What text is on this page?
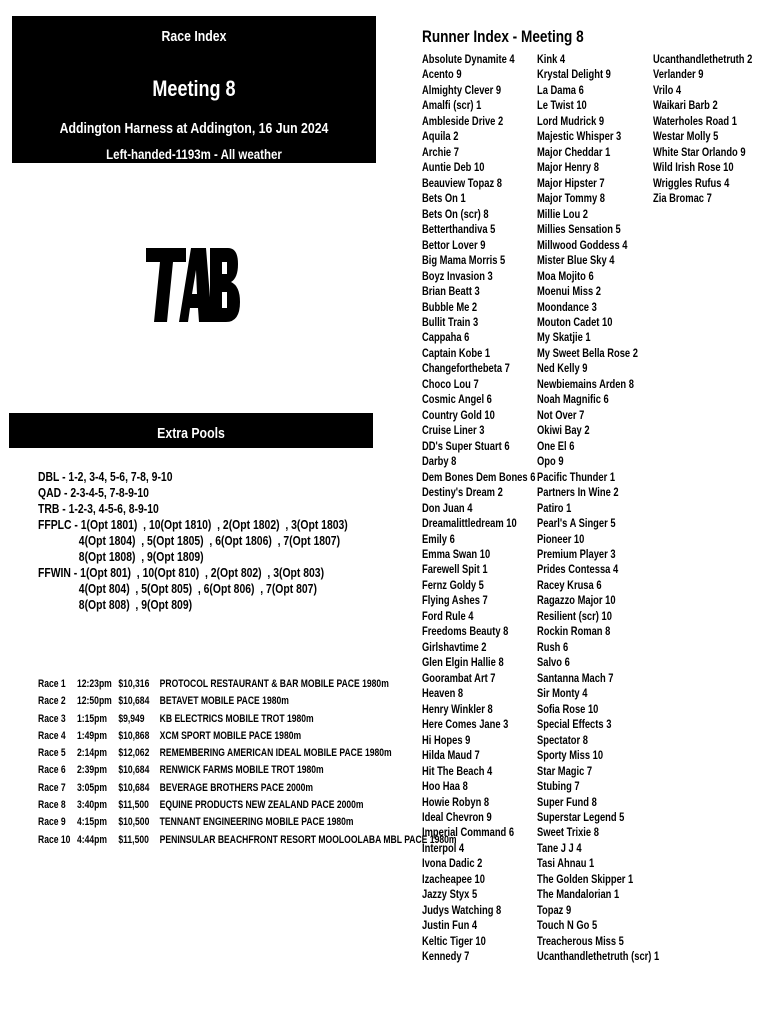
Race Index
Meeting 8
Addington Harness at Addington, 16 Jun 2024
Left-handed-1193m - All weather
Extra Pools
DBL - 1-2, 3-4, 5-6, 7-8, 9-10
QAD - 2-3-4-5, 7-8-9-10
TRB - 1-2-3, 4-5-6, 8-9-10
FFPLC - 1(Opt 1801)  , 10(Opt 1810)  , 2(Opt 1802)  , 3(Opt 1803)
4(Opt 1804)  , 5(Opt 1805)  , 6(Opt 1806)  , 7(Opt 1807)
8(Opt 1808)  , 9(Opt 1809)
FFWIN - 1(Opt 801)  , 10(Opt 810)  , 2(Opt 802)  , 3(Opt 803)
4(Opt 804)  , 5(Opt 805)  , 6(Opt 806)  , 7(Opt 807)
8(Opt 808)  , 9(Opt 809)
Race 1 12:23pm $10,316 PROTOCOL RESTAURANT & BAR MOBILE PACE 1980m
Race 2 12:50pm $10,684 BETAVET MOBILE PACE 1980m
Race 3 1:15pm $9,949 KB ELECTRICS MOBILE TROT 1980m
Race 4 1:49pm $10,868 XCM SPORT MOBILE PACE 1980m
Race 5 2:14pm $12,062 REMEMBERING AMERICAN IDEAL MOBILE PACE 1980m
Race 6 2:39pm $10,684 RENWICK FARMS MOBILE TROT 1980m
Race 7 3:05pm $10,684 BEVERAGE BROTHERS PACE 2000m
Race 8 3:40pm $11,500 EQUINE PRODUCTS NEW ZEALAND PACE 2000m
Race 9 4:15pm $10,500 TENNANT ENGINEERING MOBILE PACE 1980m
Race 10 4:44pm $11,500 PENINSULAR BEACHFRONT RESORT MOOLOOLABA MBL PACE 1980m
Runner Index - Meeting 8
Absolute Dynamite 4
Acento 9
Almighty Clever 9
Amalfi (scr) 1
Ambleside Drive 2
Aquila 2
Archie 7
Auntie Deb 10
Beauview Topaz 8
Bets On 1
Bets On (scr) 8
Betterthandiva 5
Bettor Lover 9
Big Mama Morris 5
Boyz Invasion 3
Brian Beatt 3
Bubble Me 2
Bullit Train 3
Cappaha 6
Captain Kobe 1
Changeforthebeta 7
Choco Lou 7
Cosmic Angel 6
Country Gold 10
Cruise Liner 3
DD's Super Stuart 6
Darby 8
Dem Bones Dem Bones 6
Destiny's Dream 2
Don Juan 4
Dreamalittledream 10
Emily 6
Emma Swan 10
Farewell Spit 1
Fernz Goldy 5
Flying Ashes 7
Ford Rule 4
Freedoms Beauty 8
Girlshavtime 2
Glen Elgin Hallie 8
Goorambat Art 7
Heaven 8
Henry Winkler 8
Here Comes Jane 3
Hi Hopes 9
Hilda Maud 7
Hit The Beach 4
Hoo Haa 8
Howie Robyn 8
Ideal Chevron 9
Imperial Command 6
Interpol 4
Ivona Dadic 2
Izacheapee 10
Jazzy Styx 5
Judys Watching 8
Justin Fun 4
Keltic Tiger 10
Kennedy 7
Kink 4
Krystal Delight 9
La Dama 6
Le Twist 10
Lord Mudrick 9
Majestic Whisper 3
Major Cheddar 1
Major Henry 8
Major Hipster 7
Major Tommy 8
Millie Lou 2
Millies Sensation 5
Millwood Goddess 4
Mister Blue Sky 4
Moa Mojito 6
Moenui Miss 2
Moondance 3
Mouton Cadet 10
My Skatjie 1
My Sweet Bella Rose 2
Ned Kelly 9
Newbiemains Arden 8
Noah Magnific 6
Not Over 7
Okiwi Bay 2
One El 6
Opo 9
Pacific Thunder 1
Partners In Wine 2
Patiro 1
Pearl's A Singer 5
Pioneer 10
Premium Player 3
Prides Contessa 4
Racey Krusa 6
Ragazzo Major 10
Resilient (scr) 10
Rockin Roman 8
Rush 6
Salvo 6
Santanna Mach 7
Sir Monty 4
Sofia Rose 10
Special Effects 3
Spectator 8
Sporty Miss 10
Star Magic 7
Stubing 7
Super Fund 8
Superstar Legend 5
Sweet Trixie 8
Tane J J 4
Tasi Ahnau 1
The Golden Skipper 1
The Mandalorian 1
Topaz 9
Touch N Go 5
Treacherous Miss 5
Ucanthandlethetruth (scr) 1
Ucanthandlethetruth 2
Verlander 9
Vrilo 4
Waikari Barb 2
Waterholes Road 1
Westar Molly 5
White Star Orlando 9
Wild Irish Rose 10
Wriggles Rufus 4
Zia Bromac 7
